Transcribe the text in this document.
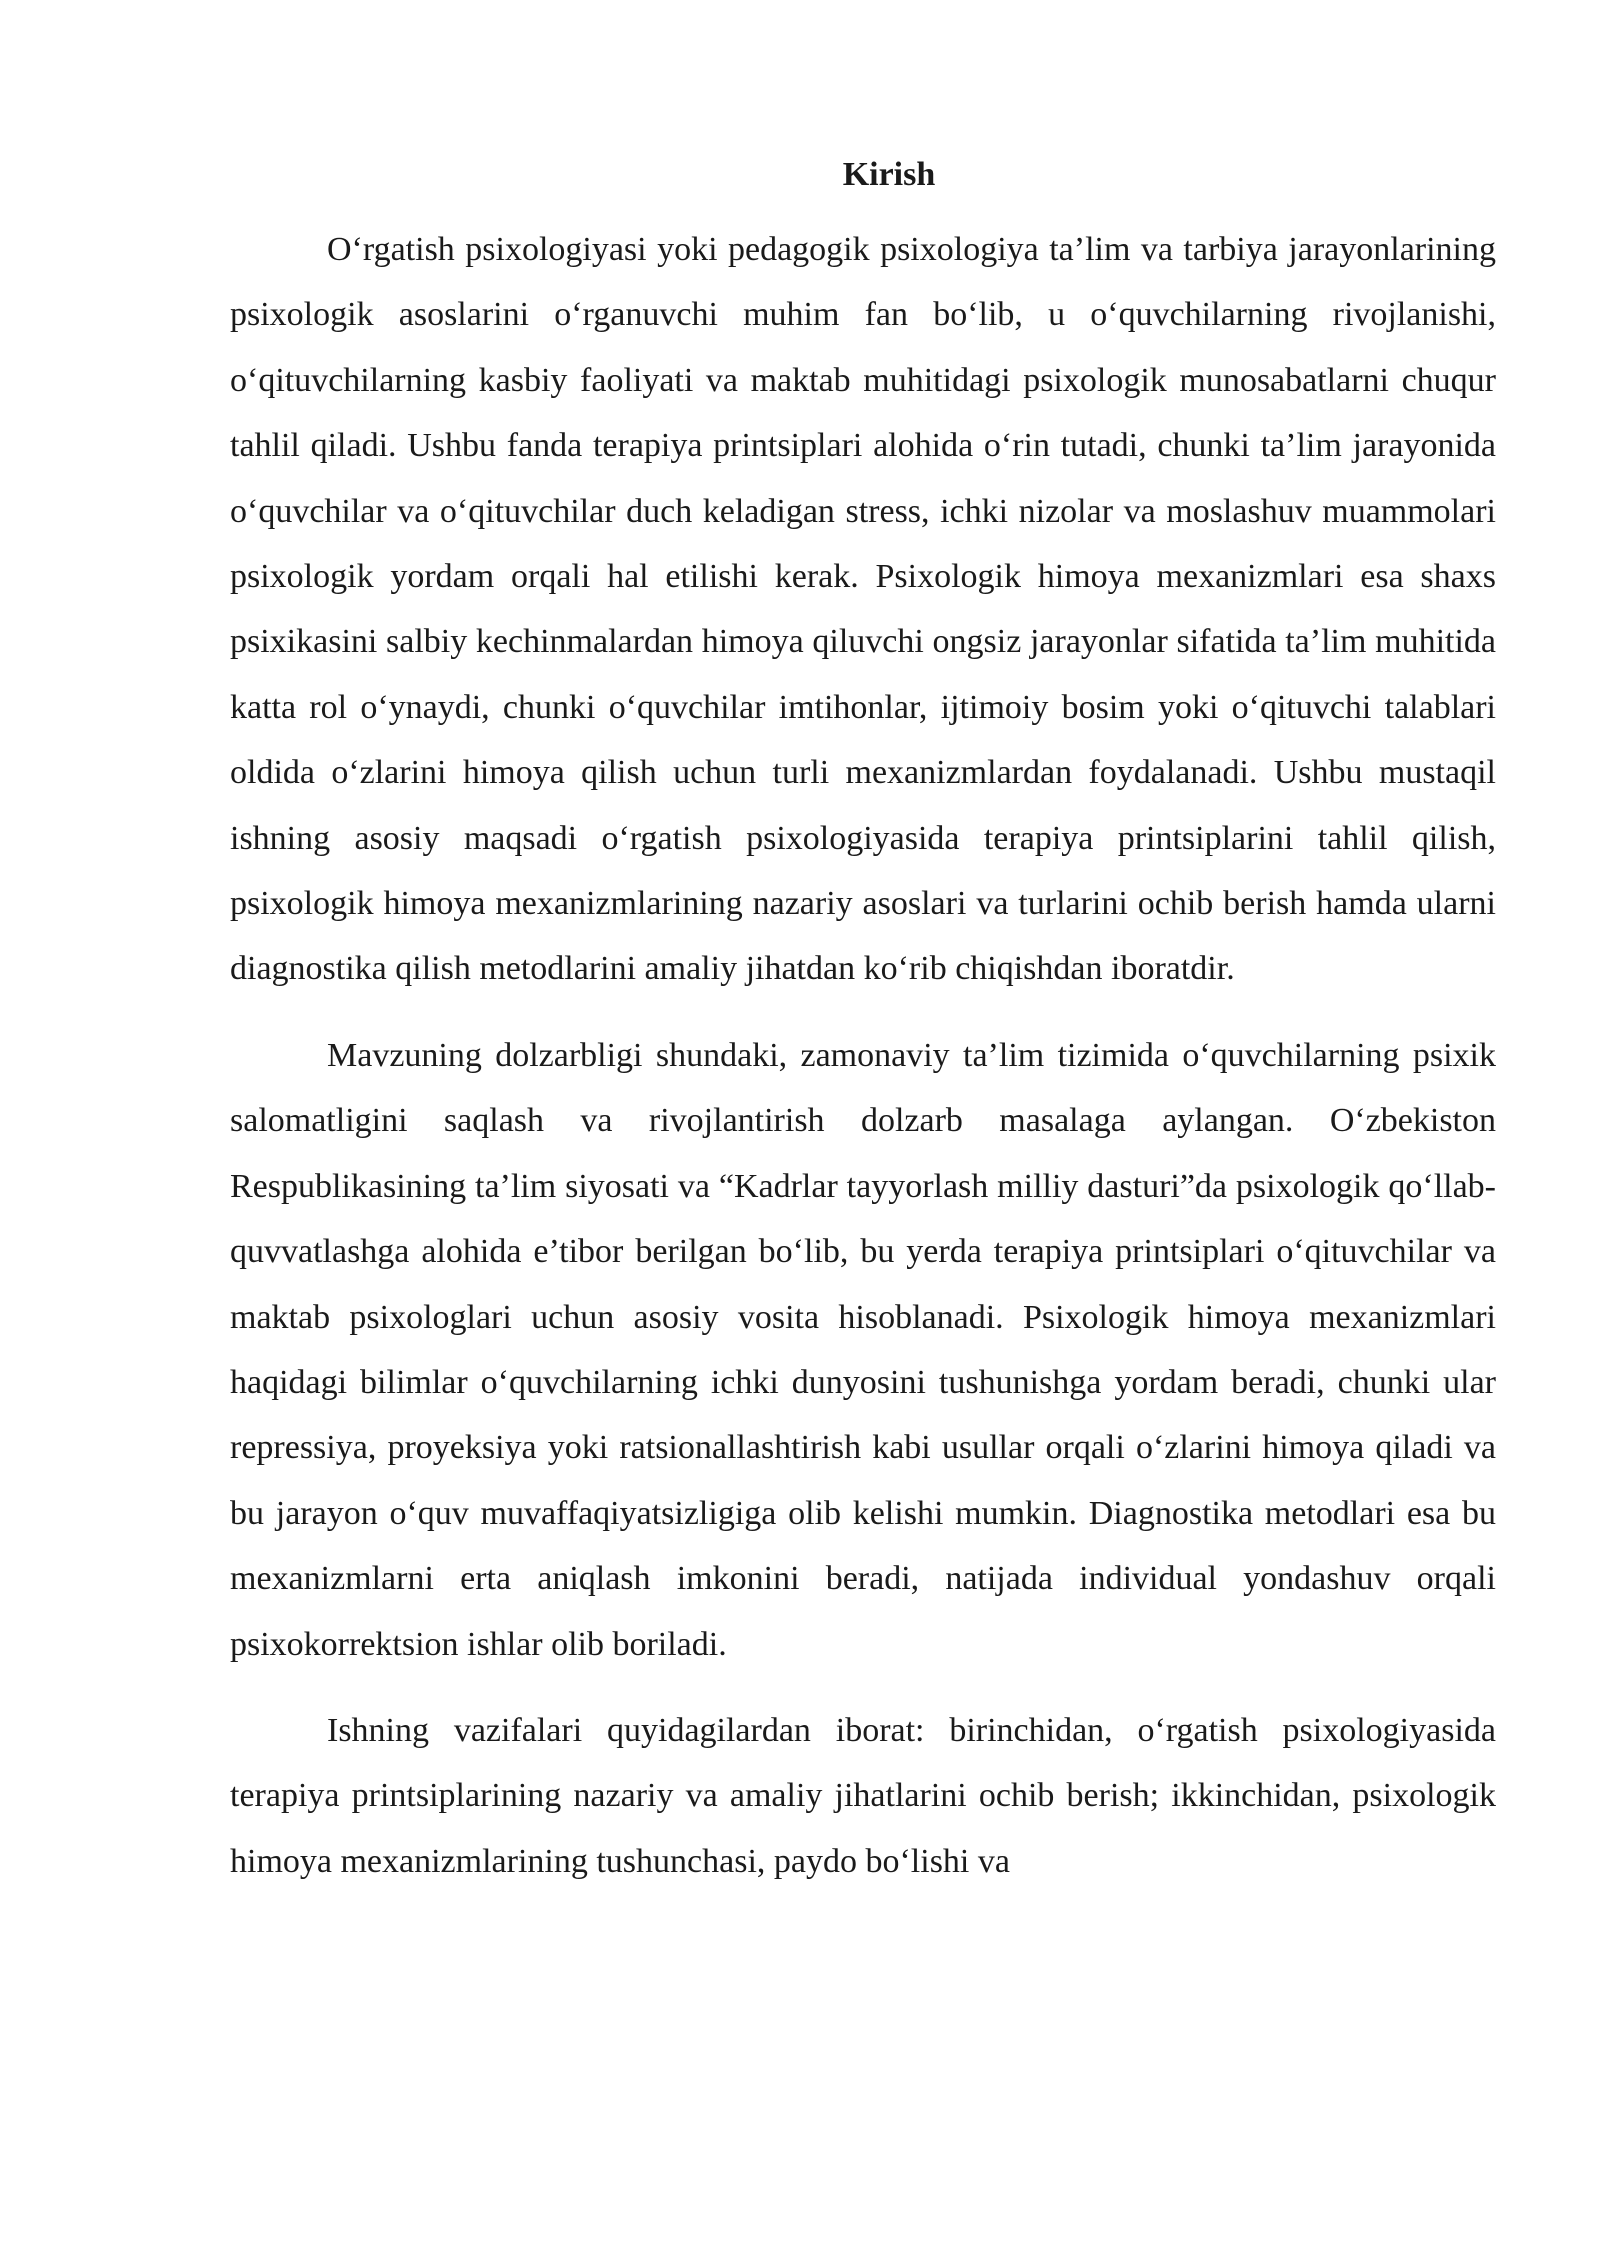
Kirish

O‘rgatish psixologiyasi yoki pedagogik psixologiya ta’lim va tarbiya jarayonlarining psixologik asoslarini o‘rganuvchi muhim fan bo‘lib, u o‘quvchilarning rivojlanishi, o‘qituvchilarning kasbiy faoliyati va maktab muhitidagi psixologik munosabatlarni chuqur tahlil qiladi. Ushbu fanda terapiya printsiplari alohida o‘rin tutadi, chunki ta’lim jarayonida o‘quvchilar va o‘qituvchilar duch keladigan stress, ichki nizolar va moslashuv muammolari psixologik yordam orqali hal etilishi kerak. Psixologik himoya mexanizmlari esa shaxs psixikasini salbiy kechinmalardan himoya qiluvchi ongsiz jarayonlar sifatida ta’lim muhitida katta rol o‘ynaydi, chunki o‘quvchilar imtihonlar, ijtimoiy bosim yoki o‘qituvchi talablari oldida o‘zlarini himoya qilish uchun turli mexanizmlardan foydalanadi. Ushbu mustaqil ishning asosiy maqsadi o‘rgatish psixologiyasida terapiya printsiplarini tahlil qilish, psixologik himoya mexanizmlarining nazariy asoslari va turlarini ochib berish hamda ularni diagnostika qilish metodlarini amaliy jihatdan ko‘rib chiqishdan iboratdir.

Mavzuning dolzarbligi shundaki, zamonaviy ta’lim tizimida o‘quvchilarning psixik salomatligini saqlash va rivojlantirish dolzarb masalaga aylangan. O‘zbekiston Respublikasining ta’lim siyosati va “Kadrlar tayyorlash milliy dasturi”da psixologik qo‘llab-quvvatlashga alohida e’tibor berilgan bo‘lib, bu yerda terapiya printsiplari o‘qituvchilar va maktab psixologlari uchun asosiy vosita hisoblanadi. Psixologik himoya mexanizmlari haqidagi bilimlar o‘quvchilarning ichki dunyosini tushunishga yordam beradi, chunki ular repressiya, proyeksiya yoki ratsionallashtirish kabi usullar orqali o‘zlarini himoya qiladi va bu jarayon o‘quv muvaffaqiyatsizligiga olib kelishi mumkin. Diagnostika metodlari esa bu mexanizmlarni erta aniqlash imkonini beradi, natijada individual yondashuv orqali psixokorrektsion ishlar olib boriladi.

Ishning vazifalari quyidagilardan iborat: birinchidan, o‘rgatish psixologiyasida terapiya printsiplarining nazariy va amaliy jihatlarini ochib berish; ikkinchidan, psixologik himoya mexanizmlarining tushunchasi, paydo bo‘lishi va
